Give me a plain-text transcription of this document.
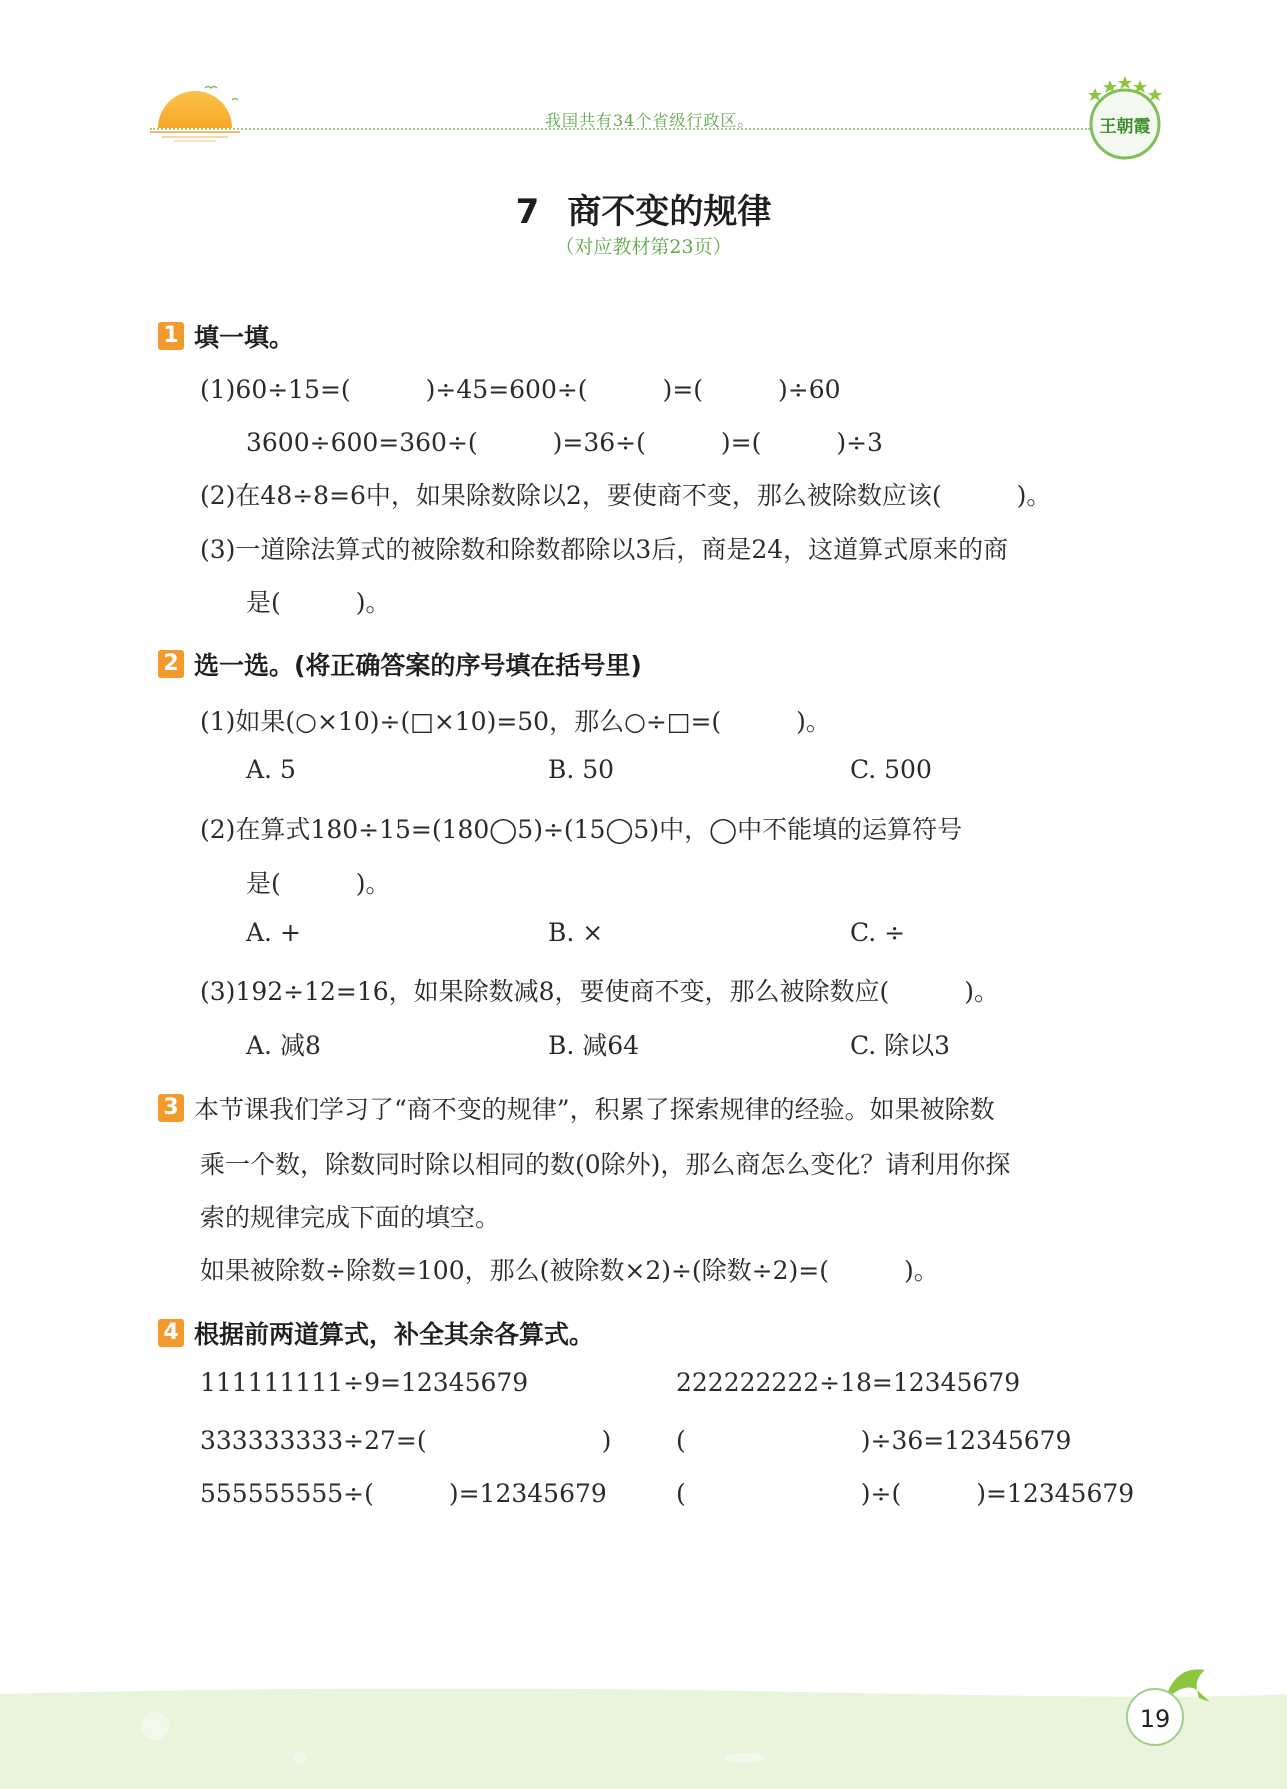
我国共有34个省级行政区。	王朝霞
7 商不变的规律
（对应教材第23页）
1 填一填。
(1)60÷15=(　　　)÷45=600÷(　　　)=(　　　)÷60
3600÷600=360÷(　　　)=36÷(　　　)=(　　　)÷3
(2)在48÷8=6中，如果除数除以2，要使商不变，那么被除数应该(　　　)。
(3)一道除法算式的被除数和除数都除以3后，商是24，这道算式原来的商
是(　　　)。
2 选一选。(将正确答案的序号填在括号里)
(1)如果(○×10)÷(□×10)=50，那么○÷□=(　　　)。
A. 5	B. 50	C. 500
(2)在算式180÷15=(180◯5)÷(15◯5)中，◯中不能填的运算符号
是(　　　)。
A. +	B. ×	C. ÷
(3)192÷12=16，如果除数减8，要使商不变，那么被除数应(　　　)。
A. 减8	B. 减64	C. 除以3
3 本节课我们学习了“商不变的规律”，积累了探索规律的经验。如果被除数
乘一个数，除数同时除以相同的数(0除外)，那么商怎么变化？请利用你探
索的规律完成下面的填空。
如果被除数÷除数=100，那么(被除数×2)÷(除数÷2)=(　　　)。
4 根据前两道算式，补全其余各算式。
111111111÷9=12345679	222222222÷18=12345679
333333333÷27=(　　　　　　　)	(　　　　　　　)÷36=12345679
555555555÷(　　　)=12345679	(　　　　　　　)÷(　　　)=12345679
19
